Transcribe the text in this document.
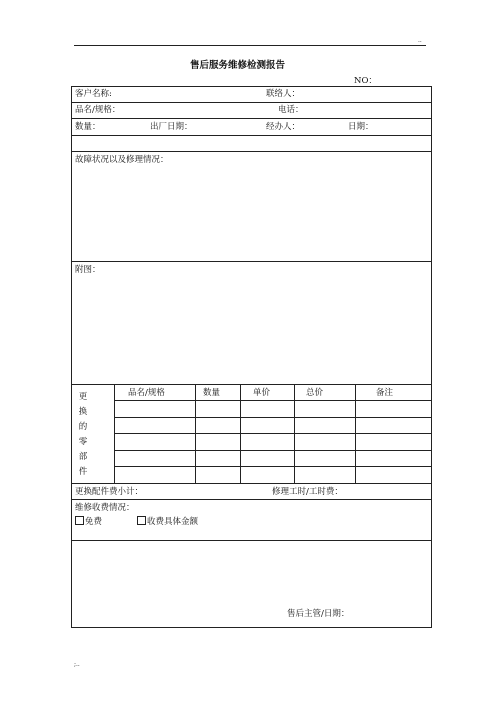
..
售后服务维修检测报告
NO：
客户名称:	联络人：
品名/规格：	电话：
数量：	出厂日期：	经办人：	日期：
故障状况以及修理情况：
附图：
更
换
的
零
部
件
品名/规格	数量	单价	总价	备注
更换配件费小计：	修理工时/工时费：
维修收费情况：
免费	收费具体金额
售后主管/日期：
;..
